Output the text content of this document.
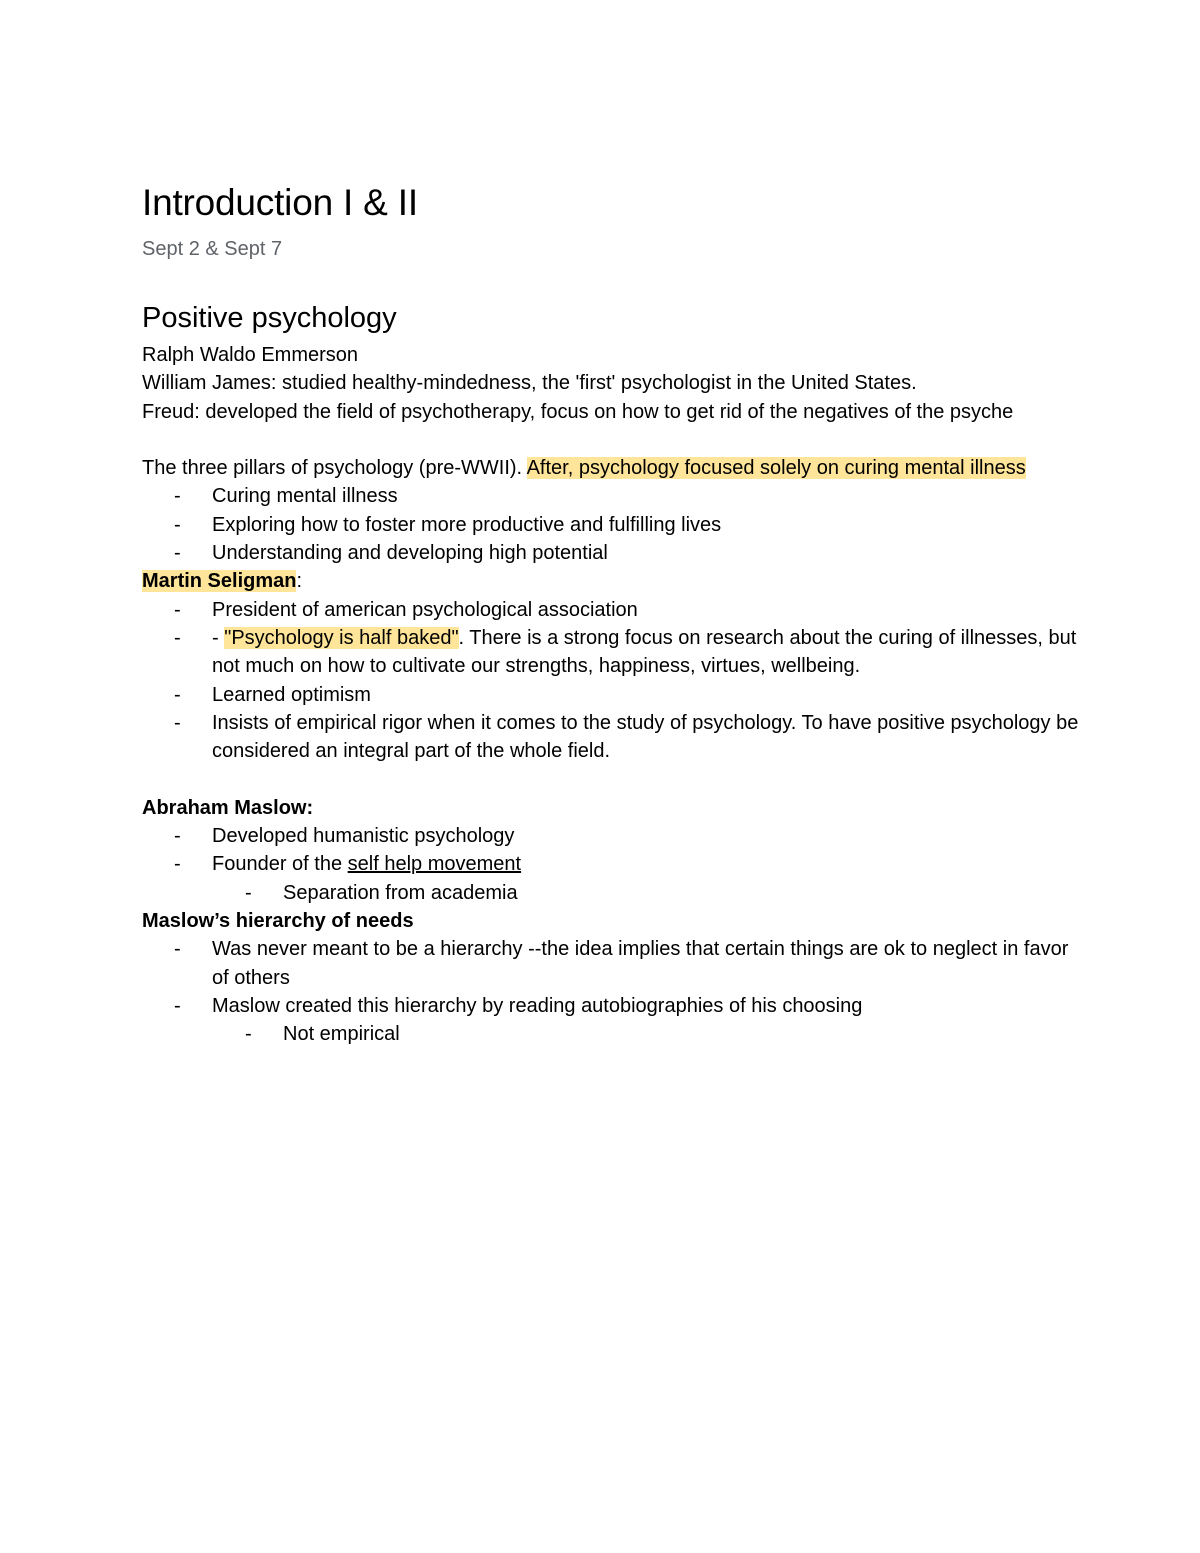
Introduction I & II

Sept 2 & Sept 7

Positive psychology

Ralph Waldo Emmerson

William James: studied healthy-mindedness, the 'first' psychologist in the United States.

Freud: developed the field of psychotherapy, focus on how to get rid of the negatives of the psyche

The three pillars of psychology (pre-WWII). After, psychology focused solely on curing mental illness

- Curing mental illness

- Exploring how to foster more productive and fulfilling lives

- Understanding and developing high potential

Martin Seligman:

- President of american psychological association

- - "Psychology is half baked". There is a strong focus on research about the curing of illnesses, but not much on how to cultivate our strengths, happiness, virtues, wellbeing.

- Learned optimism

- Insists of empirical rigor when it comes to the study of psychology. To have positive psychology be considered an integral part of the whole field.

Abraham Maslow:

- Developed humanistic psychology

- Founder of the self help movement

- Separation from academia

Maslow’s hierarchy of needs

- Was never meant to be a hierarchy --the idea implies that certain things are ok to neglect in favor of others

- Maslow created this hierarchy by reading autobiographies of his choosing

- Not empirical
